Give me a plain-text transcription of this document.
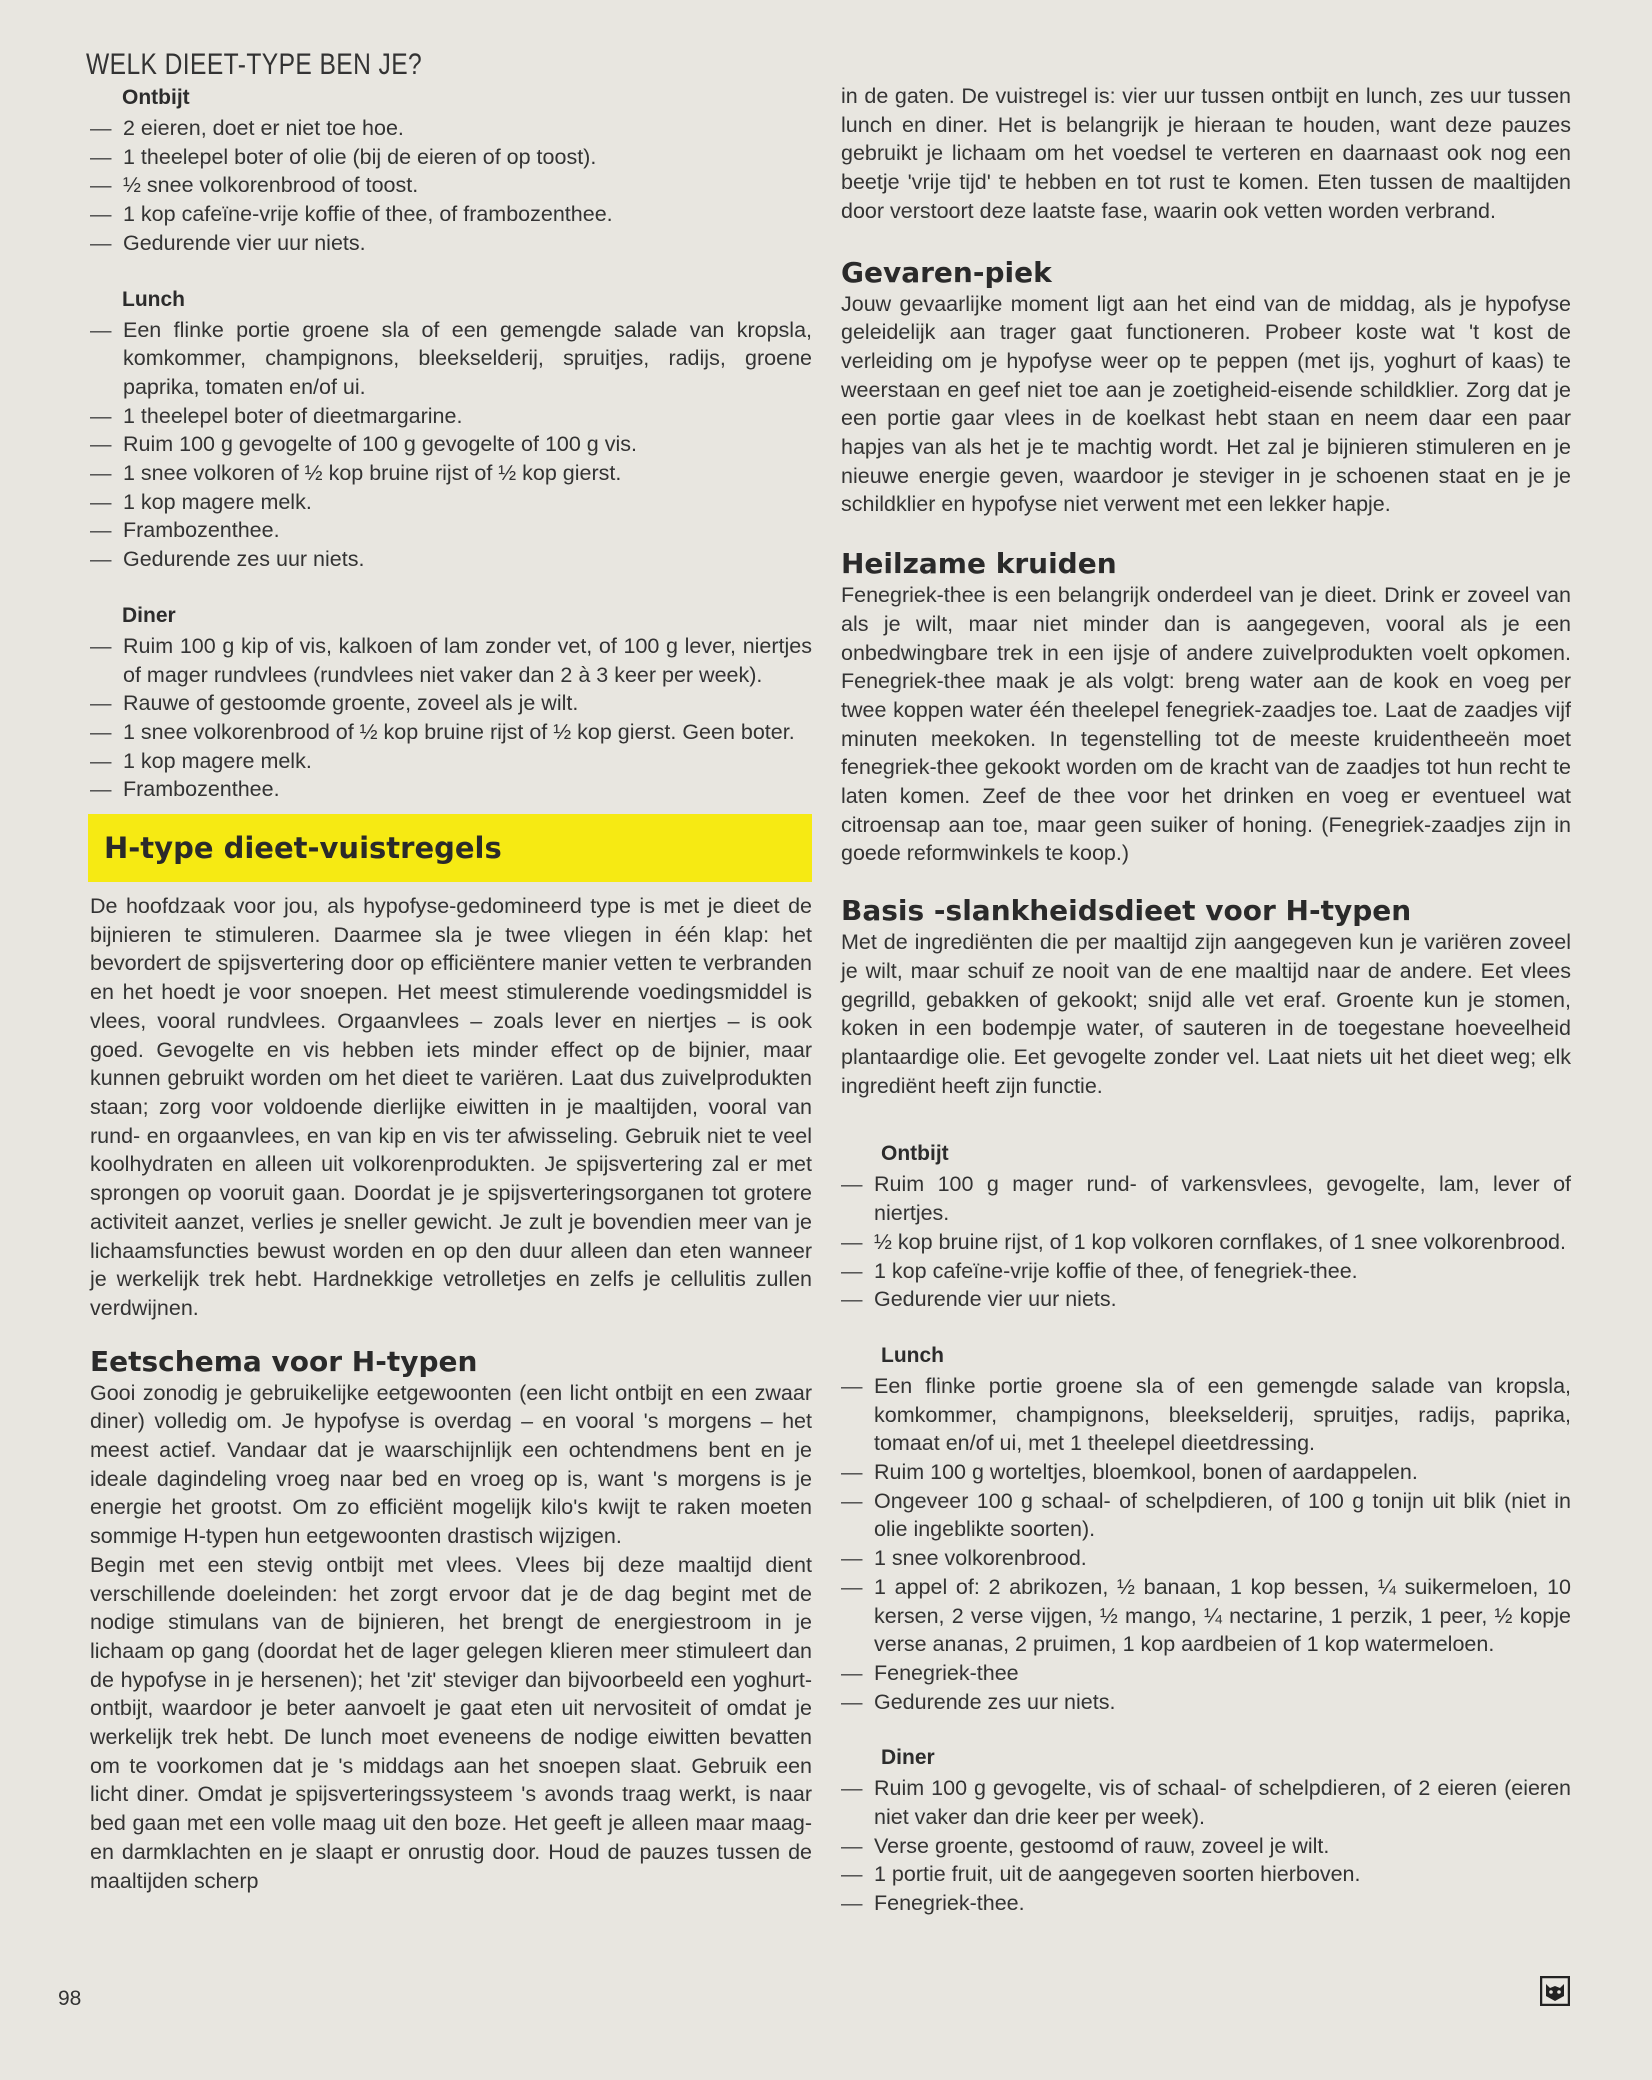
WELK DIEET-TYPE BEN JE?
Ontbijt
— 2 eieren, doet er niet toe hoe.
— 1 theelepel boter of olie (bij de eieren of op toost).
— ½ snee volkorenbrood of toost.
— 1 kop cafeïne-vrije koffie of thee, of frambozenthee.
— Gedurende vier uur niets.
Lunch
— Een flinke portie groene sla of een gemengde salade van kropsla, komkommer, champignons, bleekselderij, spruitjes, radijs, groene paprika, tomaten en/of ui.
— 1 theelepel boter of dieetmargarine.
— Ruim 100 g gevogelte of 100 g gevogelte of 100 g vis.
— 1 snee volkoren of ½ kop bruine rijst of ½ kop gierst.
— 1 kop magere melk.
— Frambozenthee.
— Gedurende zes uur niets.
Diner
— Ruim 100 g kip of vis, kalkoen of lam zonder vet, of 100 g lever, niertjes of mager rundvlees (rundvlees niet vaker dan 2 à 3 keer per week).
— Rauwe of gestoomde groente, zoveel als je wilt.
— 1 snee volkorenbrood of ½ kop bruine rijst of ½ kop gierst. Geen boter.
— 1 kop magere melk.
— Frambozenthee.
H-type dieet-vuistregels

De hoofdzaak voor jou, als hypofyse-gedomineerd type is met je dieet de bijnieren te stimuleren. Daarmee sla je twee vliegen in één klap: het bevordert de spijsvertering door op efficiëntere manier vetten te verbranden en het hoedt je voor snoepen. Het meest stimulerende voedingsmiddel is vlees, vooral rundvlees. Orgaanvlees – zoals lever en niertjes – is ook goed. Gevogelte en vis hebben iets minder effect op de bijnier, maar kunnen gebruikt worden om het dieet te variëren. Laat dus zuivelprodukten staan; zorg voor voldoende dierlijke eiwitten in je maaltijden, vooral van rund- en orgaanvlees, en van kip en vis ter afwisseling. Gebruik niet te veel koolhydraten en alleen uit volkorenprodukten. Je spijsvertering zal er met sprongen op vooruit gaan. Doordat je je spijsverteringsorganen tot grotere activiteit aanzet, verlies je sneller gewicht. Je zult je bovendien meer van je lichaamsfuncties bewust worden en op den duur alleen dan eten wanneer je werkelijk trek hebt. Hardnekkige vetrolletjes en zelfs je cellulitis zullen verdwijnen.

Eetschema voor H-typen

Gooi zonodig je gebruikelijke eetgewoonten (een licht ontbijt en een zwaar diner) volledig om. Je hypofyse is overdag – en vooral 's morgens – het meest actief. Vandaar dat je waarschijnlijk een ochtendmens bent en je ideale dagindeling vroeg naar bed en vroeg op is, want 's morgens is je energie het grootst. Om zo efficiënt mogelijk kilo's kwijt te raken moeten sommige H-typen hun eetgewoonten drastisch wijzigen.

Begin met een stevig ontbijt met vlees. Vlees bij deze maaltijd dient verschillende doeleinden: het zorgt ervoor dat je de dag begint met de nodige stimulans van de bijnieren, het brengt de energiestroom in je lichaam op gang (doordat het de lager gelegen klieren meer stimuleert dan de hypofyse in je hersenen); het 'zit' steviger dan bijvoorbeeld een yoghurt-ontbijt, waardoor je beter aanvoelt je gaat eten uit nervositeit of omdat je werkelijk trek hebt. De lunch moet eveneens de nodige eiwitten bevatten om te voorkomen dat je 's middags aan het snoepen slaat. Gebruik een licht diner. Omdat je spijsverteringssysteem 's avonds traag werkt, is naar bed gaan met een volle maag uit den boze. Het geeft je alleen maar maag- en darmklachten en je slaapt er onrustig door. Houd de pauzes tussen de maaltijden scherp

in de gaten. De vuistregel is: vier uur tussen ontbijt en lunch, zes uur tussen lunch en diner. Het is belangrijk je hieraan te houden, want deze pauzes gebruikt je lichaam om het voedsel te verteren en daarnaast ook nog een beetje 'vrije tijd' te hebben en tot rust te komen. Eten tussen de maaltijden door verstoort deze laatste fase, waarin ook vetten worden verbrand.

Gevaren-piek

Jouw gevaarlijke moment ligt aan het eind van de middag, als je hypofyse geleidelijk aan trager gaat functioneren. Probeer koste wat 't kost de verleiding om je hypofyse weer op te peppen (met ijs, yoghurt of kaas) te weerstaan en geef niet toe aan je zoetigheid-eisende schildklier. Zorg dat je een portie gaar vlees in de koelkast hebt staan en neem daar een paar hapjes van als het je te machtig wordt. Het zal je bijnieren stimuleren en je nieuwe energie geven, waardoor je steviger in je schoenen staat en je je schildklier en hypofyse niet verwent met een lekker hapje.

Heilzame kruiden

Fenegriek-thee is een belangrijk onderdeel van je dieet. Drink er zoveel van als je wilt, maar niet minder dan is aangegeven, vooral als je een onbedwingbare trek in een ijsje of andere zuivelprodukten voelt opkomen. Fenegriek-thee maak je als volgt: breng water aan de kook en voeg per twee koppen water één theelepel fenegriek-zaadjes toe. Laat de zaadjes vijf minuten meekoken. In tegenstelling tot de meeste kruidentheeën moet fenegriek-thee gekookt worden om de kracht van de zaadjes tot hun recht te laten komen. Zeef de thee voor het drinken en voeg er eventueel wat citroensap aan toe, maar geen suiker of honing. (Fenegriek-zaadjes zijn in goede reformwinkels te koop.)

Basis -slankheidsdieet voor H-typen

Met de ingrediënten die per maaltijd zijn aangegeven kun je variëren zoveel je wilt, maar schuif ze nooit van de ene maaltijd naar de andere. Eet vlees gegrilld, gebakken of gekookt; snijd alle vet eraf. Groente kun je stomen, koken in een bodempje water, of sauteren in de toegestane hoeveelheid plantaardige olie. Eet gevogelte zonder vel. Laat niets uit het dieet weg; elk ingrediënt heeft zijn functie.

Ontbijt
— Ruim 100 g mager rund- of varkensvlees, gevogelte, lam, lever of niertjes.
— ½ kop bruine rijst, of 1 kop volkoren cornflakes, of 1 snee volkorenbrood.
— 1 kop cafeïne-vrije koffie of thee, of fenegriek-thee.
— Gedurende vier uur niets.
Lunch
— Een flinke portie groene sla of een gemengde salade van kropsla, komkommer, champignons, bleekselderij, spruitjes, radijs, paprika, tomaat en/of ui, met 1 theelepel dieetdressing.
— Ruim 100 g worteltjes, bloemkool, bonen of aardappelen.
— Ongeveer 100 g schaal- of schelpdieren, of 100 g tonijn uit blik (niet in olie ingeblikte soorten).
— 1 snee volkorenbrood.
— 1 appel of: 2 abrikozen, ½ banaan, 1 kop bessen, ¼ suikermeloen, 10 kersen, 2 verse vijgen, ½ mango, ¼ nectarine, 1 perzik, 1 peer, ½ kopje verse ananas, 2 pruimen, 1 kop aardbeien of 1 kop watermeloen.
— Fenegriek-thee
— Gedurende zes uur niets.
Diner
— Ruim 100 g gevogelte, vis of schaal- of schelpdieren, of 2 eieren (eieren niet vaker dan drie keer per week).
— Verse groente, gestoomd of rauw, zoveel je wilt.
— 1 portie fruit, uit de aangegeven soorten hierboven.
— Fenegriek-thee.
98
